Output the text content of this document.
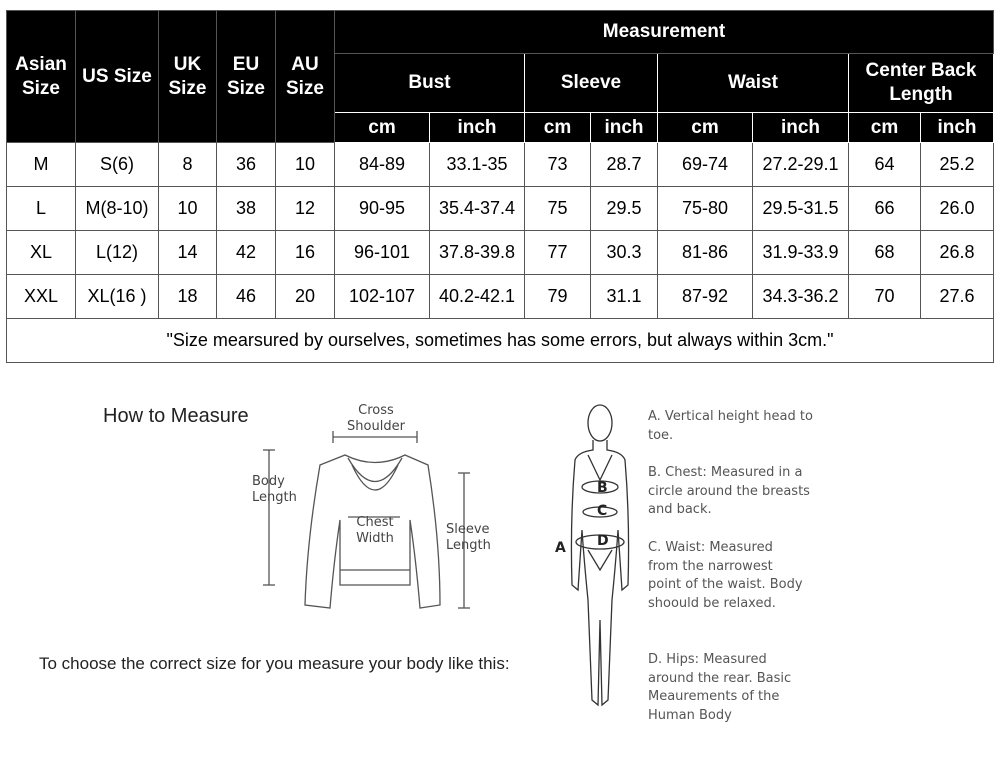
Asian Size	US Size	UK Size	EU Size	AU Size	Measurement							
					Bust		Sleeve		Waist		Center Back Length	
					cm	inch	cm	inch	cm	inch	cm	inch
M	S(6)	8	36	10	84-89	33.1-35	73	28.7	69-74	27.2-29.1	64	25.2
L	M(8-10)	10	38	12	90-95	35.4-37.4	75	29.5	75-80	29.5-31.5	66	26.0
XL	L(12)	14	42	16	96-101	37.8-39.8	77	30.3	81-86	31.9-33.9	68	26.8
XXL	XL(16 )	18	46	20	102-107	40.2-42.1	79	31.1	87-92	34.3-36.2	70	27.6
"Size mearsured by ourselves, sometimes has some errors, but always within 3cm."												
How to Measure	Cross Shoulder
Body Length
Chest Width
Sleeve Length
To choose the correct size for you measure your body like this:
B
C
A D
A. Vertical height head to toe.
B. Chest: Measured in a circle around the breasts and back.
C. Waist: Measured from the narrowest point of the waist. Body shoould be relaxed.
D. Hips: Measured around the rear. Basic Meaurements of the Human Body
